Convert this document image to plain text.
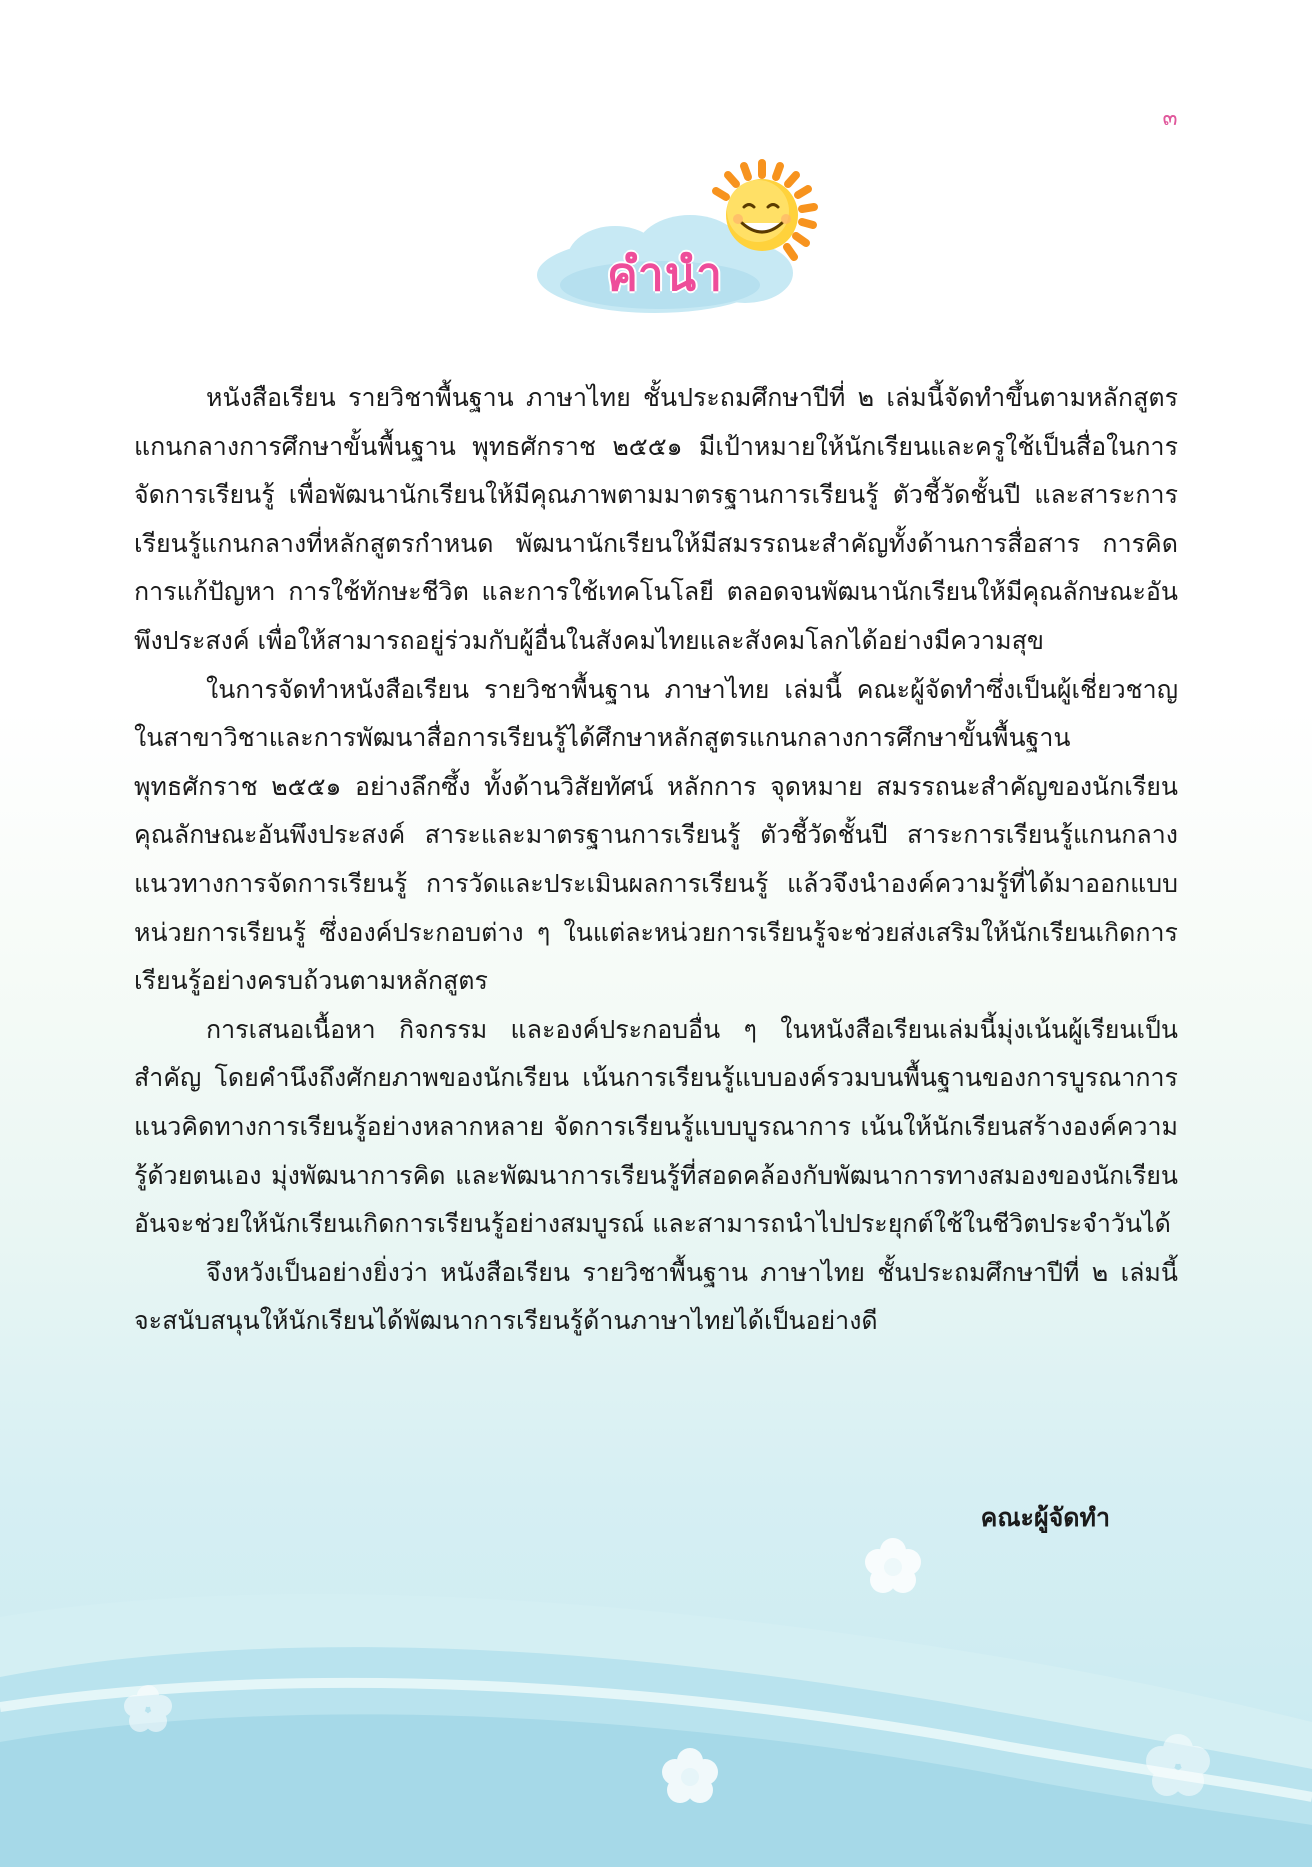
๓
คำนำ

หนังสือเรียน รายวิชาพื้นฐาน ภาษาไทย ชั้นประถมศึกษาปีที่ ๒ เล่มนี้จัดทำขึ้นตามหลักสูตรแกนกลางการศึกษาขั้นพื้นฐาน พุทธศักราช ๒๕๕๑ มีเป้าหมายให้นักเรียนและครูใช้เป็นสื่อในการจัดการเรียนรู้ เพื่อพัฒนานักเรียนให้มีคุณภาพตามมาตรฐานการเรียนรู้ ตัวชี้วัดชั้นปี และสาระการเรียนรู้แกนกลางที่หลักสูตรกำหนด พัฒนานักเรียนให้มีสมรรถนะสำคัญทั้งด้านการสื่อสาร การคิด การแก้ปัญหา การใช้ทักษะชีวิต และการใช้เทคโนโลยี ตลอดจนพัฒนานักเรียนให้มีคุณลักษณะอันพึงประสงค์ เพื่อให้สามารถอยู่ร่วมกับผู้อื่นในสังคมไทยและสังคมโลกได้อย่างมีความสุข

ในการจัดทำหนังสือเรียน รายวิชาพื้นฐาน ภาษาไทย เล่มนี้ คณะผู้จัดทำซึ่งเป็นผู้เชี่ยวชาญในสาขาวิชาและการพัฒนาสื่อการเรียนรู้ได้ศึกษาหลักสูตรแกนกลางการศึกษาขั้นพื้นฐาน พุทธศักราช ๒๕๕๑ อย่างลึกซึ้ง ทั้งด้านวิสัยทัศน์ หลักการ จุดหมาย สมรรถนะสำคัญของนักเรียน คุณลักษณะอันพึงประสงค์ สาระและมาตรฐานการเรียนรู้ ตัวชี้วัดชั้นปี สาระการเรียนรู้แกนกลาง แนวทางการจัดการเรียนรู้ การวัดและประเมินผลการเรียนรู้ แล้วจึงนำองค์ความรู้ที่ได้มาออกแบบหน่วยการเรียนรู้ ซึ่งองค์ประกอบต่าง ๆ ในแต่ละหน่วยการเรียนรู้จะช่วยส่งเสริมให้นักเรียนเกิดการเรียนรู้อย่างครบถ้วนตามหลักสูตร

การเสนอเนื้อหา กิจกรรม และองค์ประกอบอื่น ๆ ในหนังสือเรียนเล่มนี้มุ่งเน้นผู้เรียนเป็นสำคัญ โดยคำนึงถึงศักยภาพของนักเรียน เน้นการเรียนรู้แบบองค์รวมบนพื้นฐานของการบูรณาการแนวคิดทางการเรียนรู้อย่างหลากหลาย จัดการเรียนรู้แบบบูรณาการ เน้นให้นักเรียนสร้างองค์ความรู้ด้วยตนเอง มุ่งพัฒนาการคิด และพัฒนาการเรียนรู้ที่สอดคล้องกับพัฒนาการทางสมองของนักเรียน อันจะช่วยให้นักเรียนเกิดการเรียนรู้อย่างสมบูรณ์ และสามารถนำไปประยุกต์ใช้ในชีวิตประจำวันได้

จึงหวังเป็นอย่างยิ่งว่า หนังสือเรียน รายวิชาพื้นฐาน ภาษาไทย ชั้นประถมศึกษาปีที่ ๒ เล่มนี้จะสนับสนุนให้นักเรียนได้พัฒนาการเรียนรู้ด้านภาษาไทยได้เป็นอย่างดี

คณะผู้จัดทำ
